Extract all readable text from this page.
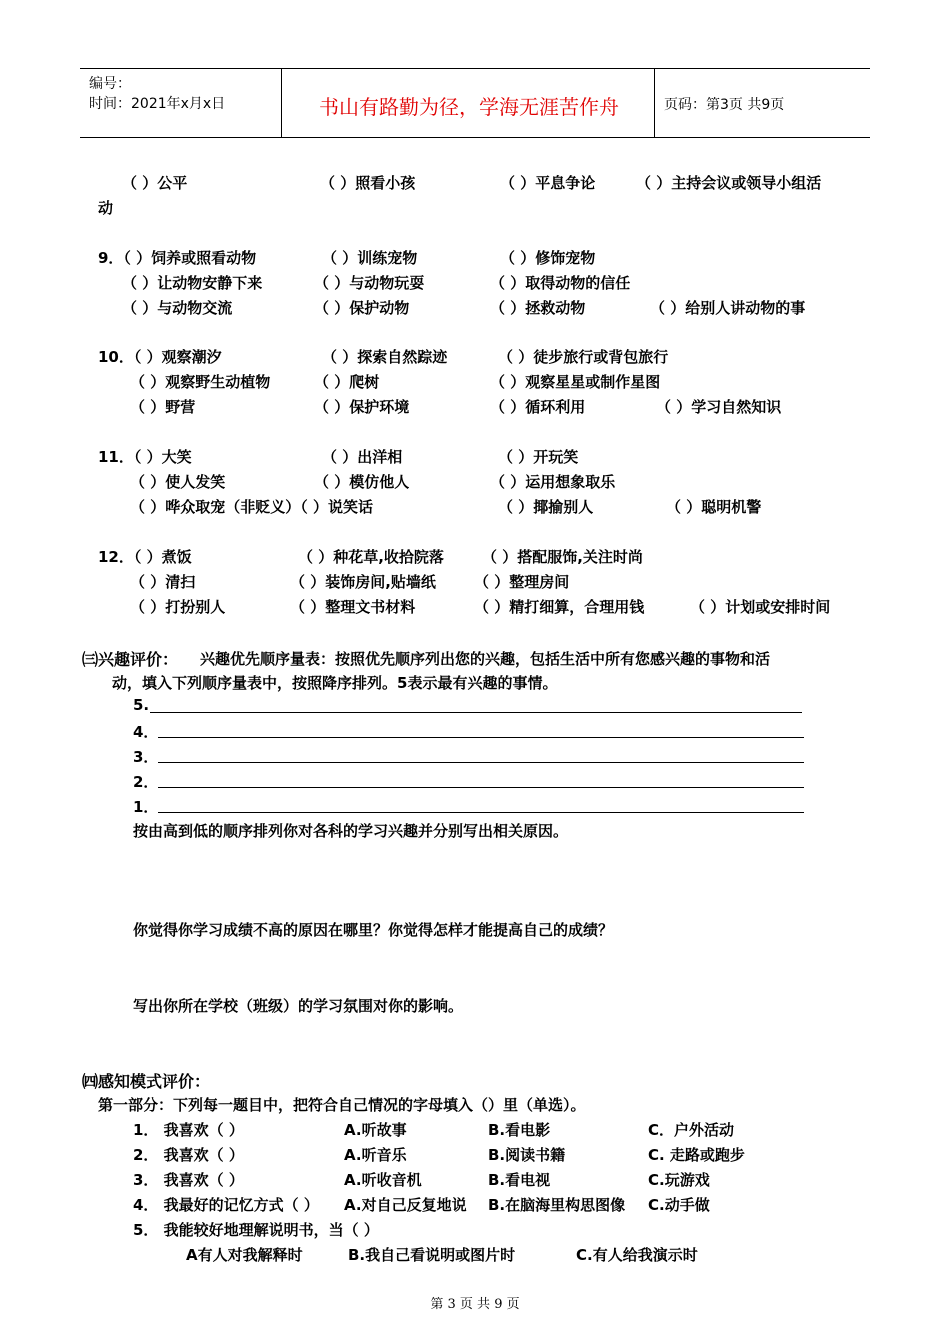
编号：
时间：2021年x月x日	书山有路勤为径，学海无涯苦作舟	页码：第3页 共9页
（ ）公平	（ ）照看小孩	（ ）平息争论	（ ）主持会议或领导小组活
动
9．（ ）饲养或照看动物	（ ）训练宠物	（ ）修饰宠物
（ ）让动物安静下来	（ ）与动物玩耍	（ ）取得动物的信任
（ ）与动物交流	（ ）保护动物	（ ）拯救动物	（ ）给别人讲动物的事
10．（ ）观察潮汐	（ ）探索自然踪迹	（ ）徒步旅行或背包旅行
（ ）观察野生动植物	（ ）爬树	（ ）观察星星或制作星图
（ ）野营	（ ）保护环境	（ ）循环利用	（ ）学习自然知识
11．（ ）大笑	（ ）出洋相	（ ）开玩笑
（ ）使人发笑	（ ）模仿他人	（ ）运用想象取乐
（ ）哗众取宠（非贬义）（ ）说笑话	（ ）揶揄别人	（ ）聪明机警
12．（ ）煮饭	（ ）种花草,收拾院落	（ ）搭配服饰,关注时尚
（ ）清扫	（ ）装饰房间,贴墙纸	（ ）整理房间
（ ）打扮别人	（ ）整理文书材料	（ ）精打细算，合理用钱	（ ）计划或安排时间
㈢兴趣评价： 兴趣优先顺序量表：按照优先顺序列出您的兴趣，包括生活中所有您感兴趣的事物和活
动，填入下列顺序量表中，按照降序排列。5表示最有兴趣的事情。
5.
4．
3．
2．
1．
按由高到低的顺序排列你对各科的学习兴趣并分别写出相关原因。
你觉得你学习成绩不高的原因在哪里？你觉得怎样才能提高自己的成绩？
写出你所在学校（班级）的学习氛围对你的影响。
㈣感知模式评价：
第一部分：下列每一题目中，把符合自己情况的字母填入（）里（单选）。
1． 我喜欢（ ）	A.听故事	B.看电影	C．户外活动
2． 我喜欢（ ）	A.听音乐	B.阅读书籍	C. 走路或跑步
3． 我喜欢（ ）	A.听收音机	B.看电视	C.玩游戏
4． 我最好的记忆方式（ ） A.对自己反复地说 B.在脑海里构思图像 C.动手做
5． 我能较好地理解说明书，当（ ）
A有人对我解释时	B.我自己看说明或图片时	C.有人给我演示时
第 3 页 共 9 页
